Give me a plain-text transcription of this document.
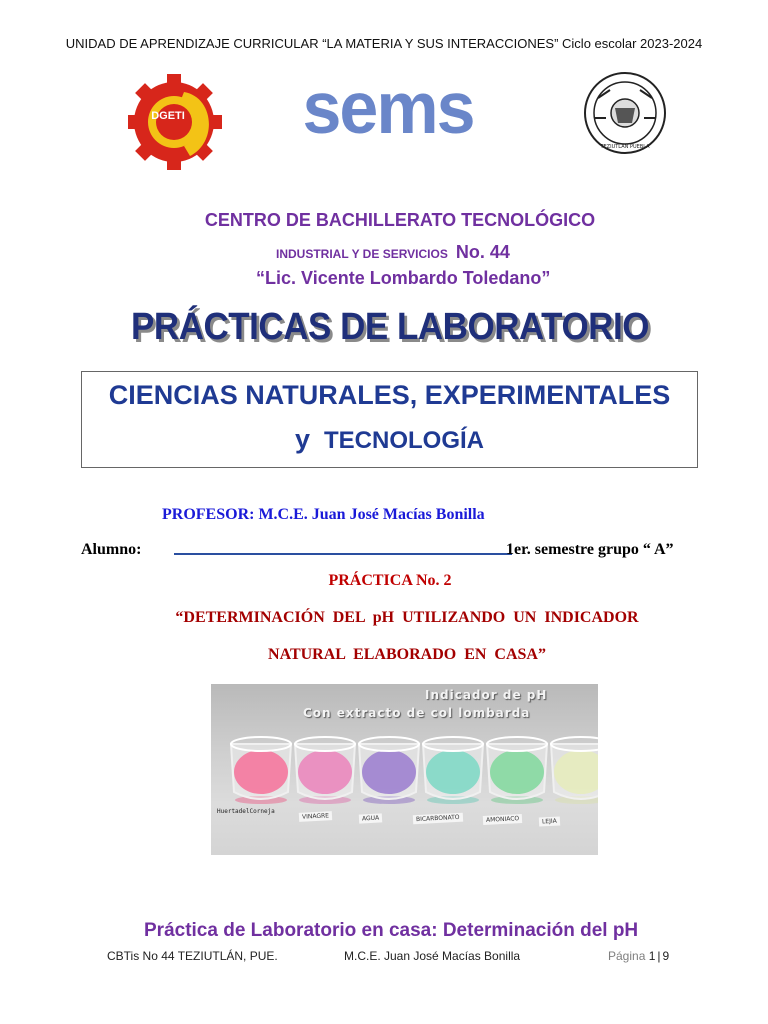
UNIDAD DE APRENDIZAJE CURRICULAR “LA MATERIA Y SUS INTERACCIONES” Ciclo escolar 2023-2024
DGETI sems	TEZIUTLAN PUEBLA
CENTRO DE BACHILLERATO TECNOLÓGICO
INDUSTRIAL Y DE SERVICIOS No. 44
“Lic. Vicente Lombardo Toledano”
PRÁCTICAS DE LABORATORIO
CIENCIAS NATURALES, EXPERIMENTALES
y TECNOLOGÍA
PROFESOR: M.C.E. Juan José Macías Bonilla
Alumno:	1er. semestre grupo “ A”
PRÁCTICA No. 2
“DETERMINACIÓN DEL pH UTILIZANDO UN INDICADOR
NATURAL ELABORADO EN CASA”
Indicador de pH
Con extracto de col lombarda
VINAGRE	AGUA	BICARBONATO	AMONIACO	LEJIA
HuertadelCorneja
Práctica de Laboratorio en casa: Determinación del pH
CBTis No 44 TEZIUTLÁN, PUE.	M.C.E. Juan José Macías Bonilla	Página 1 | 9
